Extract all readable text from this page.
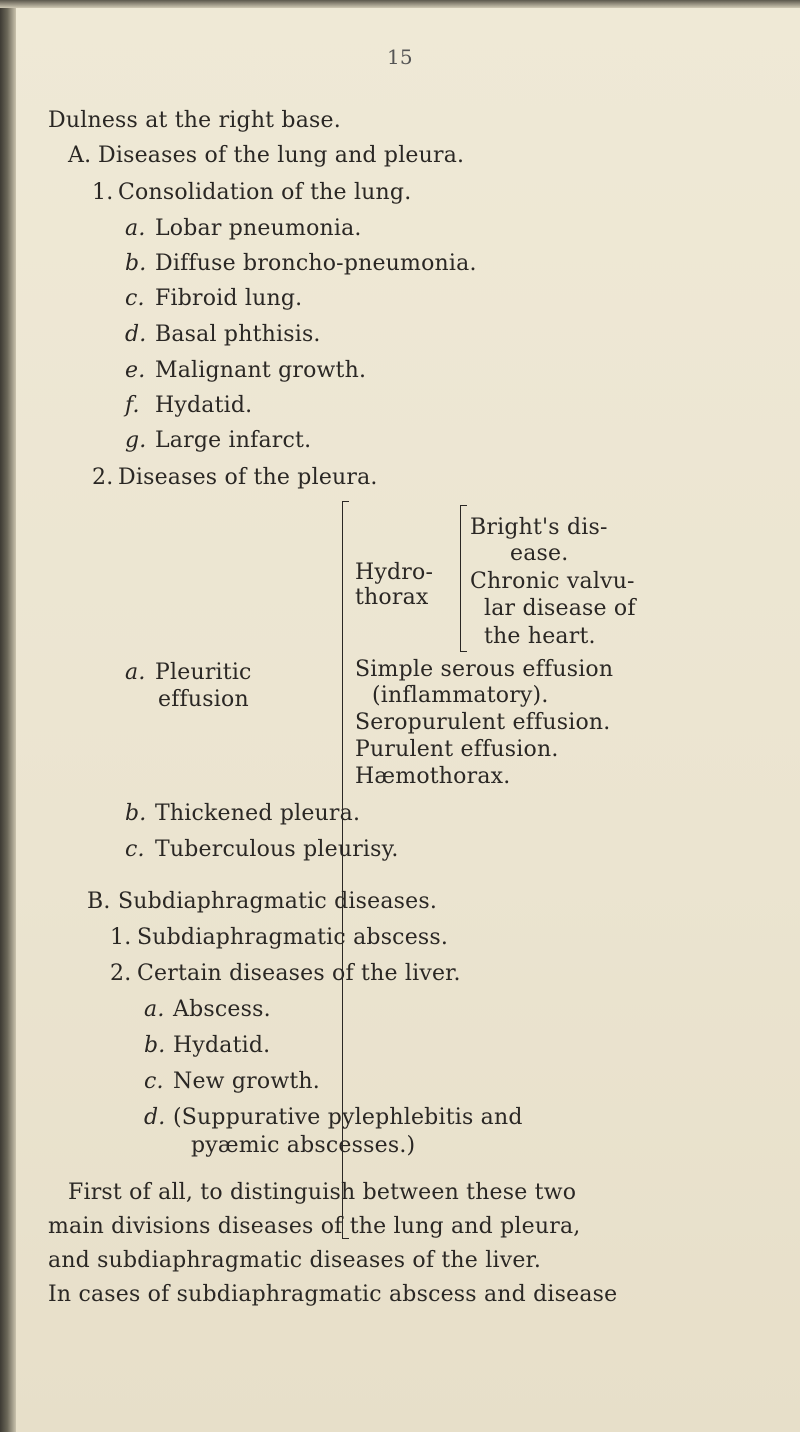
15
Dulness at the right base.
A. Diseases of the lung and pleura.
1. Consolidation of the lung.
a. Lobar pneumonia.
b. Diffuse broncho-pneumonia.
c. Fibroid lung.
d. Basal phthisis.
e. Malignant growth.
f. Hydatid.
g. Large infarct.
2. Diseases of the pleura.
a. Pleuritic
effusion
Hydro-
thorax
Bright's dis-
ease.
Chronic valvu-
lar disease of
the heart.
Simple serous effusion
(inflammatory).
Seropurulent effusion.
Purulent effusion.
Hæmothorax.
b. Thickened pleura.
c. Tuberculous pleurisy.
B. Subdiaphragmatic diseases.
1. Subdiaphragmatic abscess.
2. Certain diseases of the liver.
a. Abscess.
b. Hydatid.
c. New growth.
d. (Suppurative pylephlebitis and
pyæmic abscesses.)
First of all, to distinguish between these two
main divisions diseases of the lung and pleura,
and subdiaphragmatic diseases of the liver.
In cases of subdiaphragmatic abscess and disease
